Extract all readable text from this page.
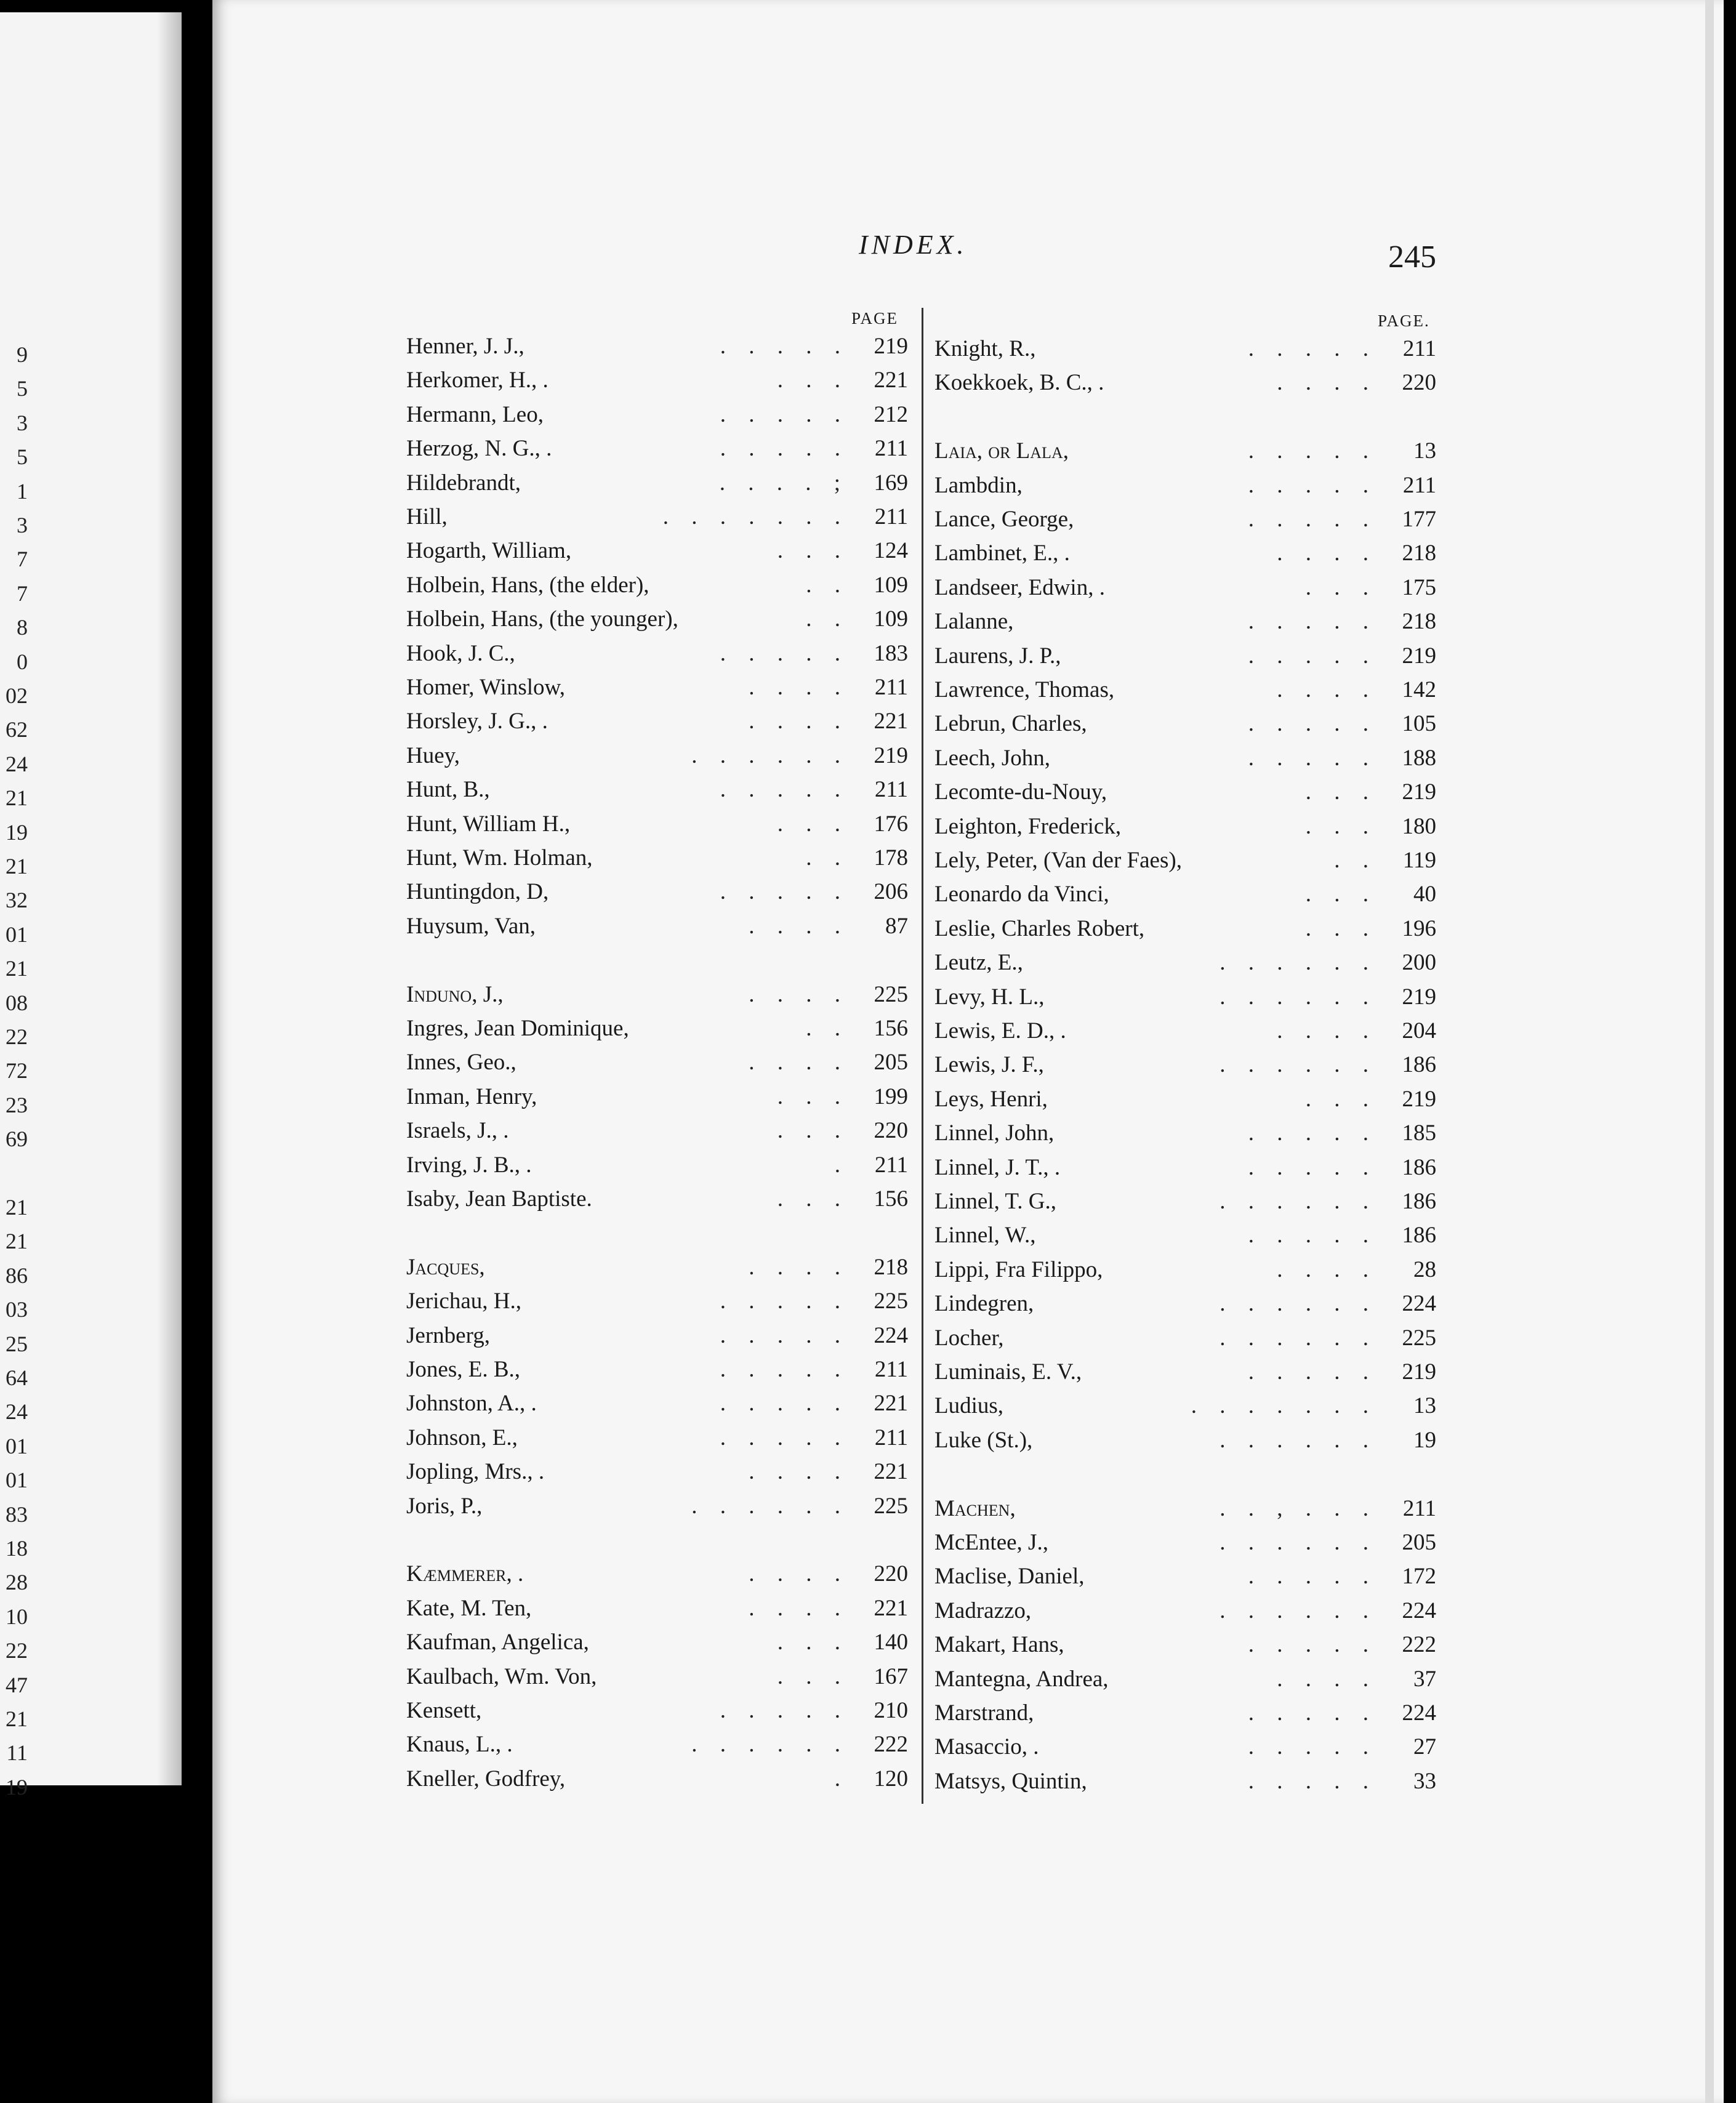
9
5
3
5
1
3
7
7
8
0
02
62
24
21
19
21
32
01
21
08
22
72
23
69
21
21
86
03
25
64
24
01
01
83
18
28
10
22
47
21
11
19
INDEX.	245
PAGE	PAGE.
Henner, J. J.,	. . . . .	219
Herkomer, H., .	. . .	221
Hermann, Leo,	. . . . .	212
Herzog, N. G., .	. . . . .	211
Hildebrandt,	. . . . ;	169
Hill,	. . . . . . .	211
Hogarth, William,	. . .	124
Holbein, Hans, (the elder),	. .	109
Holbein, Hans, (the younger),	. .	109
Hook, J. C.,	. . . . .	183
Homer, Winslow,	. . . .	211
Horsley, J. G., .	. . . .	221
Huey,	. . . . . .	219
Hunt, B.,	. . . . .	211
Hunt, William H.,	. . .	176
Hunt, Wm. Holman,	. .	178
Huntingdon, D,	. . . . .	206
Huysum, Van,	. . . .	87
Induno, J.,	. . . .	225
Ingres, Jean Dominique,	. .	156
Innes, Geo.,	. . . .	205
Inman, Henry,	. . .	199
Israels, J., .	. . .	220
Irving, J. B., .	.	211
Isaby, Jean Baptiste.	. . .	156
Jacques,	. . . .	218
Jerichau, H.,	. . . . .	225
Jernberg,	. . . . .	224
Jones, E. B.,	. . . . .	211
Johnston, A., .	. . . . .	221
Johnson, E.,	. . . . .	211
Jopling, Mrs., .	. . . .	221
Joris, P.,	. . . . . .	225
Kæmmerer, .	. . . .	220
Kate, M. Ten,	. . . .	221
Kaufman, Angelica,	. . .	140
Kaulbach, Wm. Von,	. . .	167
Kensett,	. . . . .	210
Knaus, L., .	. . . . . .	222
Kneller, Godfrey,	.	120
Knight, R.,	. . . . .	211
Koekkoek, B. C., .	. . . .	220
Laia, or Lala,	. . . . .	13
Lambdin,	. . . . .	211
Lance, George,	. . . . .	177
Lambinet, E., .	. . . .	218
Landseer, Edwin, .	. . .	175
Lalanne,	. . . . .	218
Laurens, J. P.,	. . . . .	219
Lawrence, Thomas,	. . . .	142
Lebrun, Charles,	. . . . .	105
Leech, John,	. . . . .	188
Lecomte-du-Nouy,	. . .	219
Leighton, Frederick,	. . .	180
Lely, Peter, (Van der Faes),	. .	119
Leonardo da Vinci,	. . .	40
Leslie, Charles Robert,	. . .	196
Leutz, E.,	. . . . . .	200
Levy, H. L.,	. . . . . .	219
Lewis, E. D., .	. . . .	204
Lewis, J. F.,	. . . . . .	186
Leys, Henri,	. . .	219
Linnel, John,	. . . . .	185
Linnel, J. T., .	. . . . .	186
Linnel, T. G.,	. . . . . .	186
Linnel, W.,	. . . . .	186
Lippi, Fra Filippo,	. . . .	28
Lindegren,	. . . . . .	224
Locher,	. . . . . .	225
Luminais, E. V.,	. . . . .	219
Ludius,	. . . . . . .	13
Luke (St.),	. . . . . .	19
Machen,	. . , . . .	211
McEntee, J.,	. . . . . .	205
Maclise, Daniel,	. . . . .	172
Madrazzo,	. . . . . .	224
Makart, Hans,	. . . . .	222
Mantegna, Andrea,	. . . .	37
Marstrand,	. . . . .	224
Masaccio, .	. . . . .	27
Matsys, Quintin,	. . . . .	33
